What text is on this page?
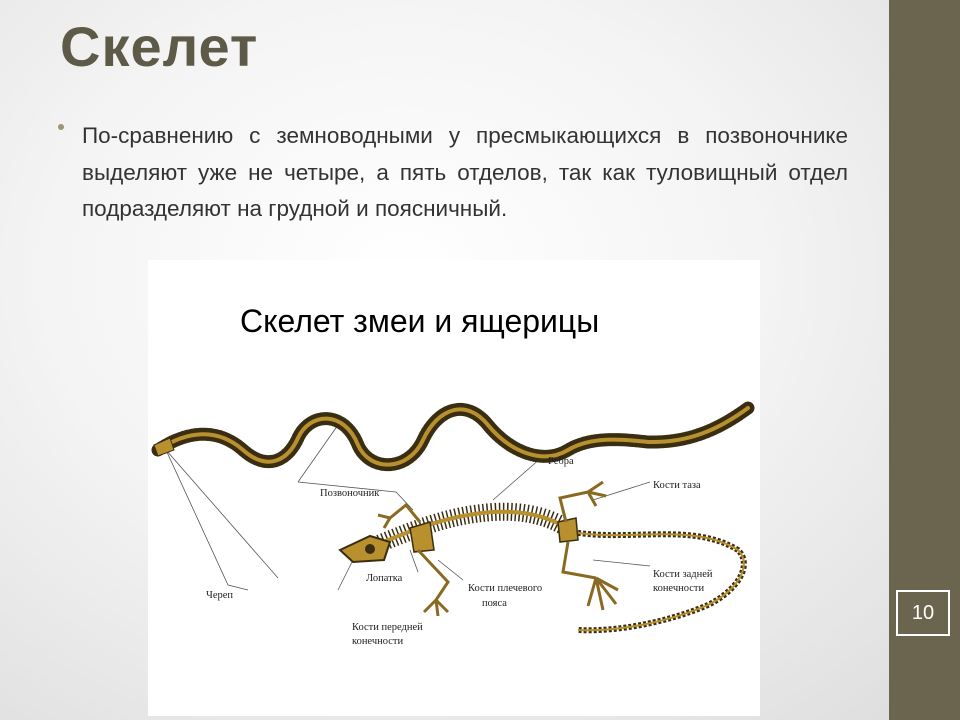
Скелет

По-сравнению с земноводными у пресмыкающихся в позвоночнике выделяют уже не четыре, а пять отделов, так как туловищный отдел подразделяют на грудной и поясничный.

Скелет змеи и ящерицы
Ребра
Позвоночник
Кости таза
Лопатка
Кости плечевого
пояса
Кости задней
конечности
Череп
Кости передней
конечности
10
